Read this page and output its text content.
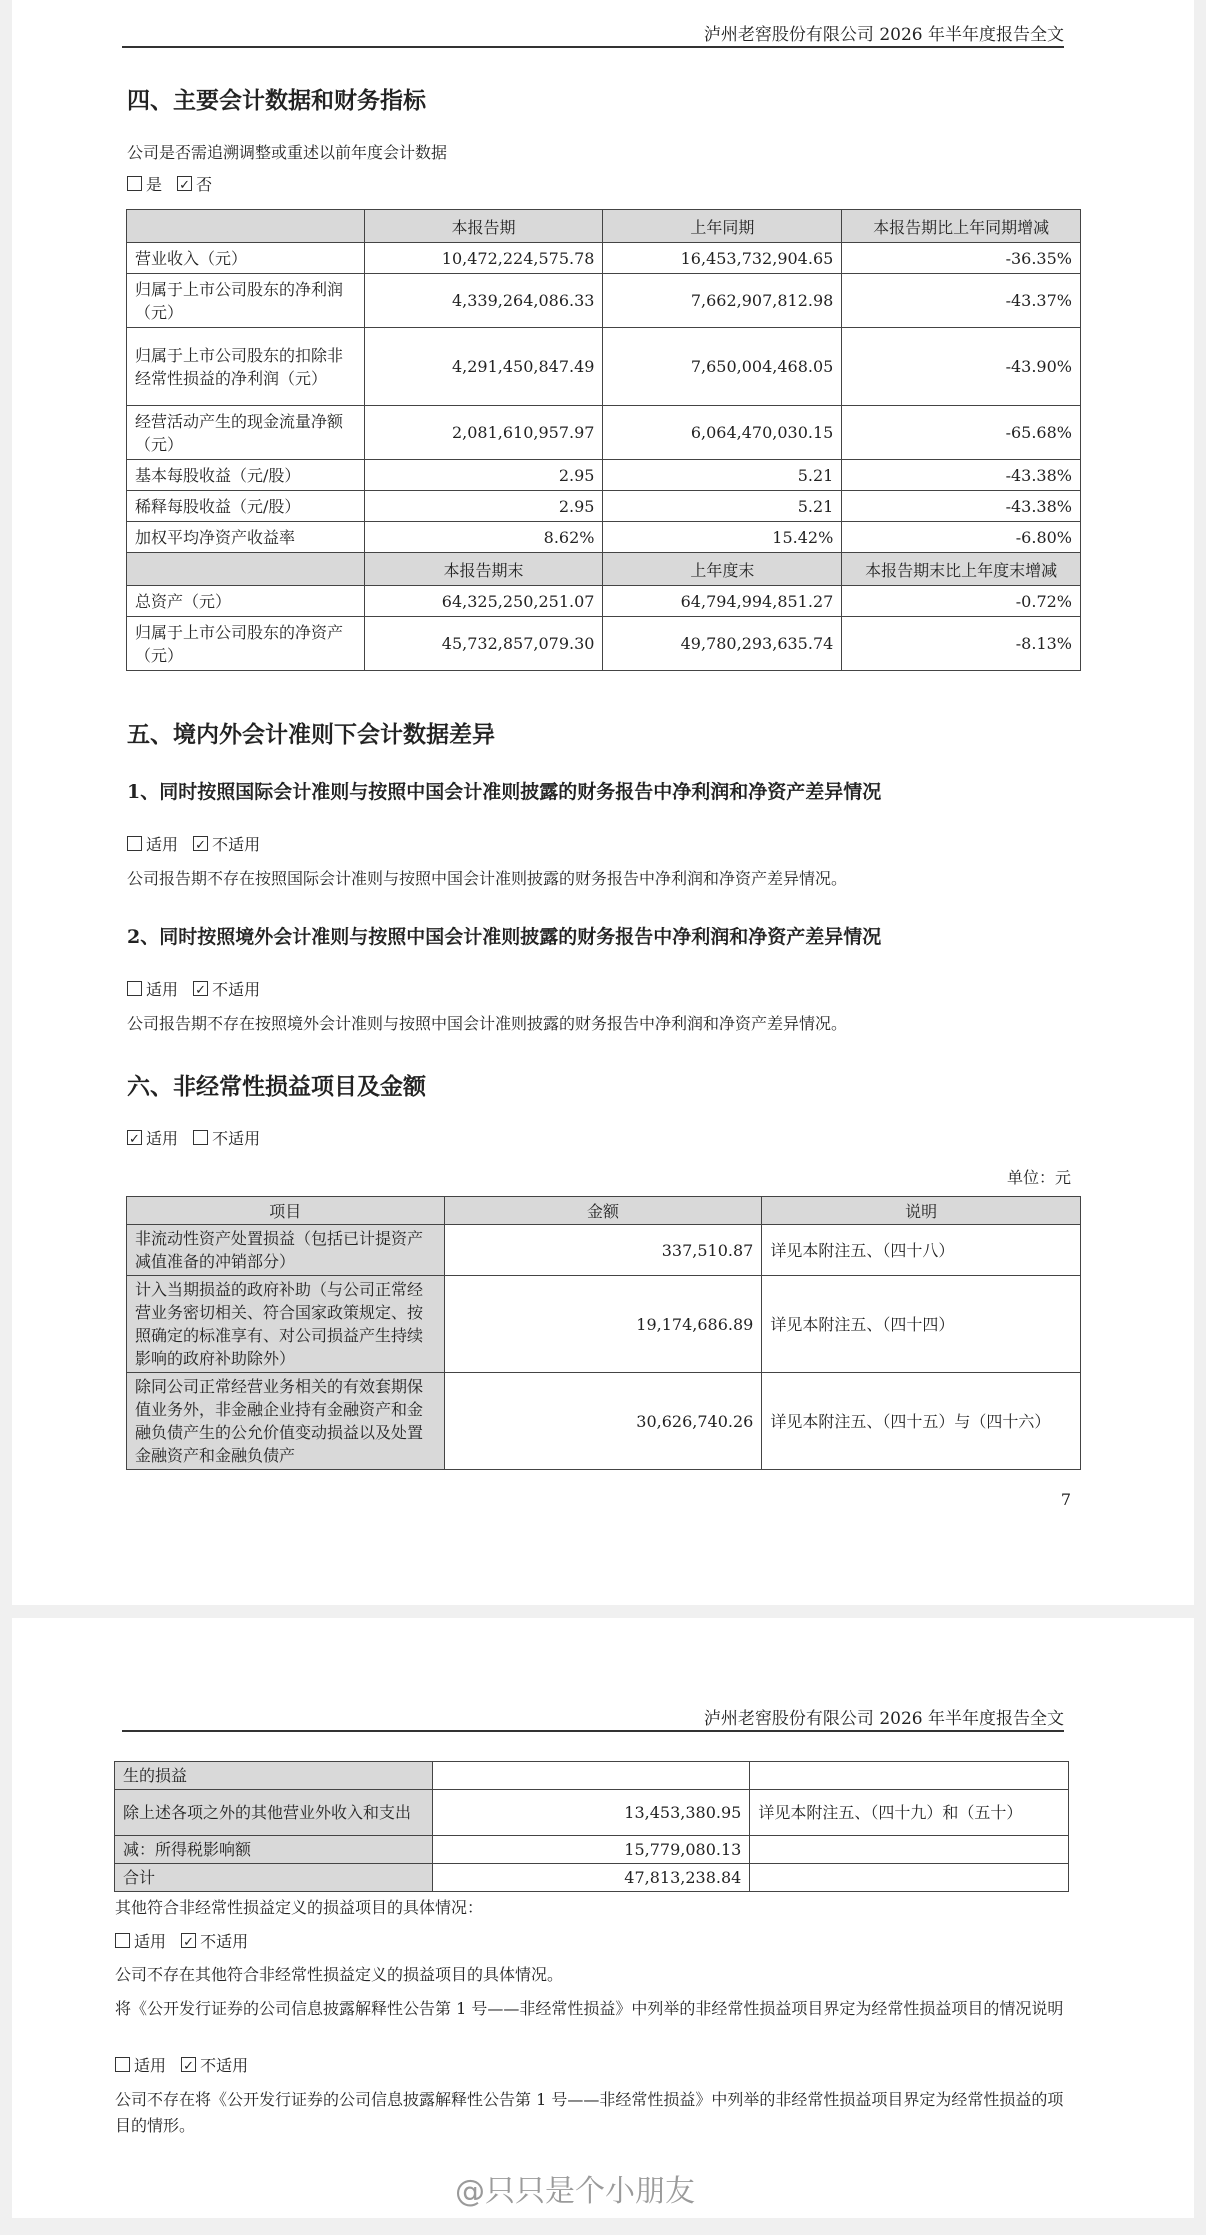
泸州老窖股份有限公司 2026 年半年度报告全文
四、主要会计数据和财务指标
公司是否需追溯调整或重述以前年度会计数据
是 ✓ 否
	本报告期	上年同期	本报告期比上年同期增减
营业收入（元）	10,472,224,575.78	16,453,732,904.65	-36.35%
归属于上市公司股东的净利润（元）	4,339,264,086.33	7,662,907,812.98	-43.37%
归属于上市公司股东的扣除非经常性损益的净利润（元）	4,291,450,847.49	7,650,004,468.05	-43.90%
经营活动产生的现金流量净额（元）	2,081,610,957.97	6,064,470,030.15	-65.68%
基本每股收益（元/股）	2.95	5.21	-43.38%
稀释每股收益（元/股）	2.95	5.21	-43.38%
加权平均净资产收益率	8.62%	15.42%	-6.80%
	本报告期末	上年度末	本报告期末比上年度末增减
总资产（元）	64,325,250,251.07	64,794,994,851.27	-0.72%
归属于上市公司股东的净资产（元）	45,732,857,079.30	49,780,293,635.74	-8.13%
五、境内外会计准则下会计数据差异
1、同时按照国际会计准则与按照中国会计准则披露的财务报告中净利润和净资产差异情况
适用 ✓ 不适用
公司报告期不存在按照国际会计准则与按照中国会计准则披露的财务报告中净利润和净资产差异情况。
2、同时按照境外会计准则与按照中国会计准则披露的财务报告中净利润和净资产差异情况
适用 ✓ 不适用
公司报告期不存在按照境外会计准则与按照中国会计准则披露的财务报告中净利润和净资产差异情况。
六、非经常性损益项目及金额
✓适用 不适用
单位：元
项目	金额	说明
非流动性资产处置损益（包括已计提资产减值准备的冲销部分）	337,510.87	详见本附注五、（四十八）
计入当期损益的政府补助（与公司正常经营业务密切相关、符合国家政策规定、按照确定的标准享有、对公司损益产生持续影响的政府补助除外）	19,174,686.89	详见本附注五、（四十四）
除同公司正常经营业务相关的有效套期保值业务外，非金融企业持有金融资产和金融负债产生的公允价值变动损益以及处置金融资产和金融负债产	30,626,740.26	详见本附注五、（四十五）与（四十六）
7
泸州老窖股份有限公司 2026 年半年度报告全文
生的损益		
除上述各项之外的其他营业外收入和支出	13,453,380.95	详见本附注五、（四十九）和（五十）
减：所得税影响额	15,779,080.13	
合计	47,813,238.84	
其他符合非经常性损益定义的损益项目的具体情况：
适用 ✓ 不适用
公司不存在其他符合非经常性损益定义的损益项目的具体情况。
将《公开发行证券的公司信息披露解释性公告第 1 号——非经常性损益》中列举的非经常性损益项目界定为经常性损益项目的情况说明
适用 ✓ 不适用
公司不存在将《公开发行证券的公司信息披露解释性公告第 1 号——非经常性损益》中列举的非经常性损益项目界定为经常性损益的项目的情形。
@只只是个小朋友
